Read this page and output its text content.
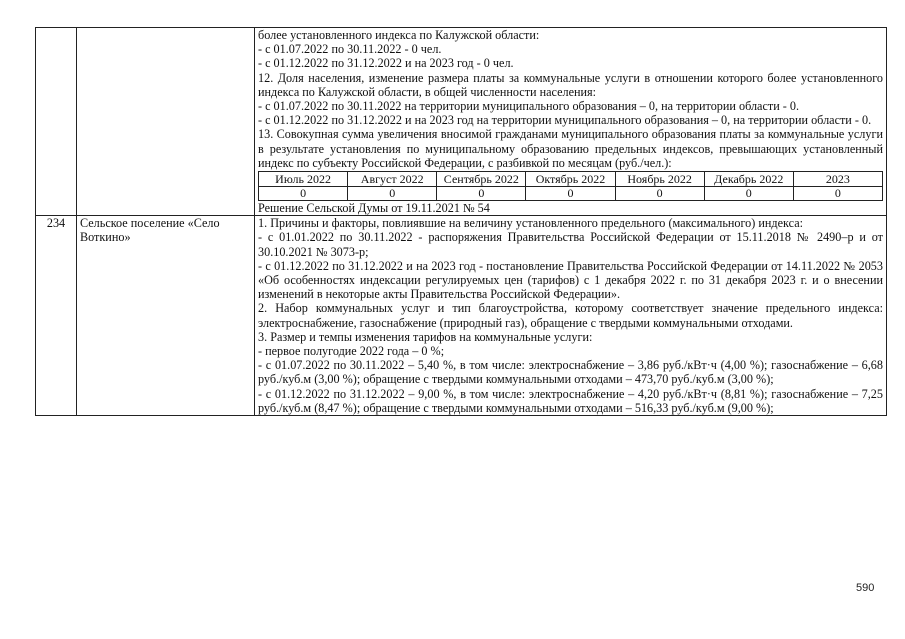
более установленного индекса по Калужской области:

- с 01.07.2022 по 30.11.2022 - 0 чел.

- с 01.12.2022 по 31.12.2022 и на 2023 год - 0 чел.

12. Доля населения, изменение размера платы за коммунальные услуги в отношении которого более установленного индекса по Калужской области, в общей численности населения:

- с 01.07.2022 по 30.11.2022 на территории муниципального образования – 0, на территории области - 0.

- с 01.12.2022 по 31.12.2022 и на 2023 год на территории муниципального образования – 0, на территории области - 0.

13. Совокупная сумма увеличения вносимой гражданами муниципального образования платы за коммунальные услуги в результате установления по муниципальному образованию предельных индексов, превышающих установленный индекс по субъекту Российской Федерации, с разбивкой по месяцам (руб./чел.):

Июль 2022	Август 2022	Сентябрь 2022	Октябрь 2022	Ноябрь 2022	Декабрь 2022	2023
0	0	0	0	0	0	0

Решение Сельской Думы от 19.11.2021 № 54

234	Сельское поселение «Село Воткино»	

1. Причины и факторы, повлиявшие на величину установленного предельного (максимального) индекса:

- с 01.01.2022 по 30.11.2022 - распоряжения Правительства Российской Федерации от 15.11.2018 № 2490–р и от 30.10.2021 № 3073-р;

- с 01.12.2022 по 31.12.2022 и на 2023 год - постановление Правительства Российской Федерации от 14.11.2022 № 2053 «Об особенностях индексации регулируемых цен (тарифов) с 1 декабря 2022 г. по 31 декабря 2023 г. и о внесении изменений в некоторые акты Правительства Российской Федерации».

2. Набор коммунальных услуг и тип благоустройства, которому соответствует значение предельного индекса: электроснабжение, газоснабжение (природный газ), обращение с твердыми коммунальными отходами.

3. Размер и темпы изменения тарифов на коммунальные услуги:

- первое полугодие 2022 года – 0 %;

- с 01.07.2022 по 30.11.2022 – 5,40 %, в том числе: электроснабжение – 3,86 руб./кВт·ч (4,00 %); газоснабжение – 6,68 руб./куб.м (3,00 %); обращение с твердыми коммунальными отходами – 473,70 руб./куб.м (3,00 %);

- с 01.12.2022 по 31.12.2022 – 9,00 %, в том числе: электроснабжение – 4,20 руб./кВт·ч (8,81 %); газоснабжение – 7,25 руб./куб.м (8,47 %); обращение с твердыми коммунальными отходами – 516,33 руб./куб.м (9,00 %);

590
